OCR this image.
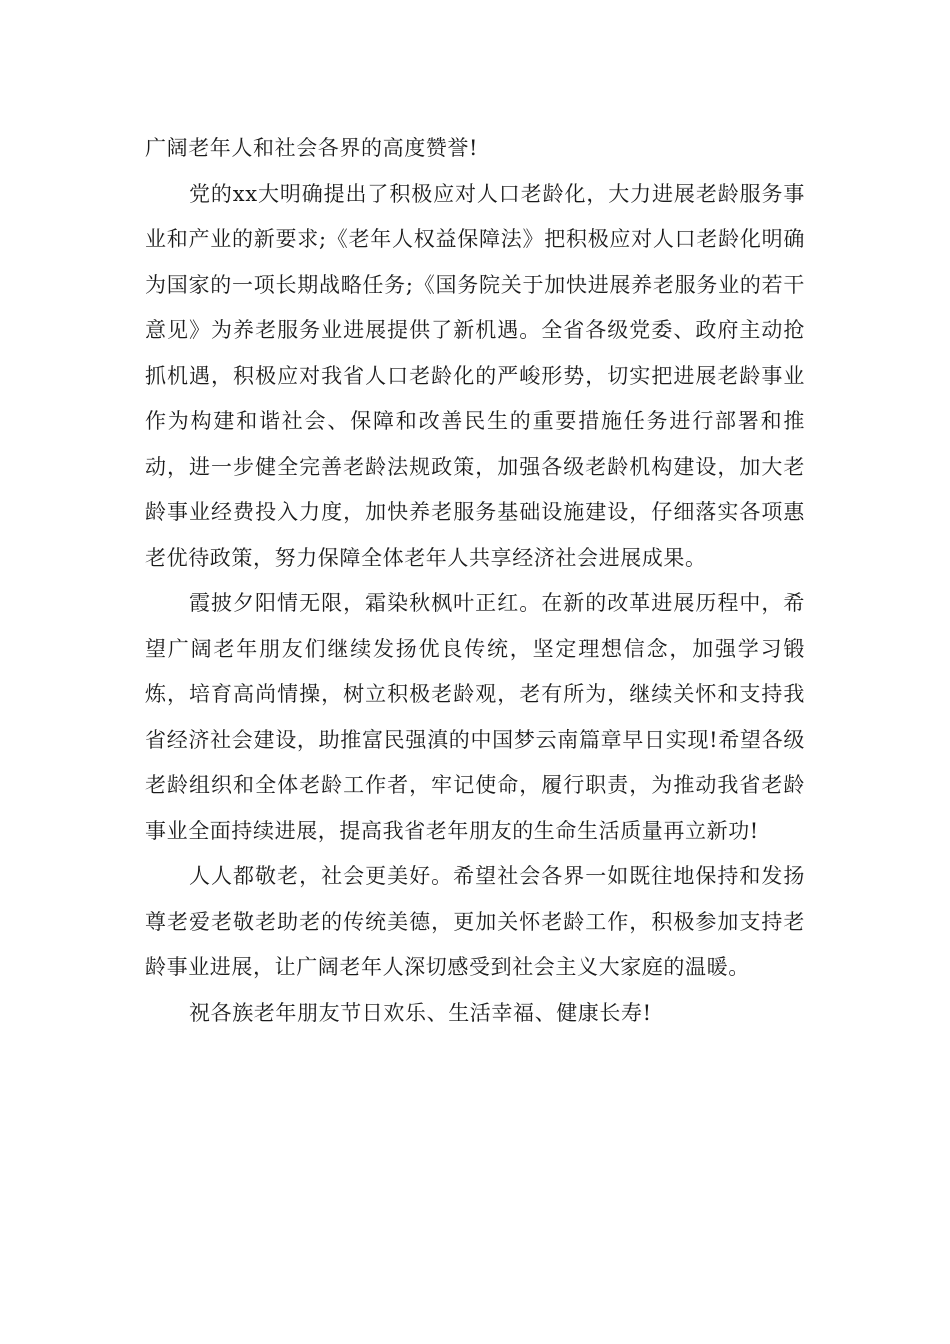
广阔老年人和社会各界的高度赞誉!

党的xx大明确提出了积极应对人口老龄化，大力进展老龄服务事业和产业的新要求;《老年人权益保障法》把积极应对人口老龄化明确为国家的一项长期战略任务;《国务院关于加快进展养老服务业的若干意见》为养老服务业进展提供了新机遇。全省各级党委、政府主动抢抓机遇，积极应对我省人口老龄化的严峻形势，切实把进展老龄事业作为构建和谐社会、保障和改善民生的重要措施任务进行部署和推动，进一步健全完善老龄法规政策，加强各级老龄机构建设，加大老龄事业经费投入力度，加快养老服务基础设施建设，仔细落实各项惠老优待政策，努力保障全体老年人共享经济社会进展成果。

霞披夕阳情无限，霜染秋枫叶正红。在新的改革进展历程中，希望广阔老年朋友们继续发扬优良传统，坚定理想信念，加强学习锻炼，培育高尚情操，树立积极老龄观，老有所为，继续关怀和支持我省经济社会建设，助推富民强滇的中国梦云南篇章早日实现!希望各级老龄组织和全体老龄工作者，牢记使命，履行职责，为推动我省老龄事业全面持续进展，提高我省老年朋友的生命生活质量再立新功!

人人都敬老，社会更美好。希望社会各界一如既往地保持和发扬尊老爱老敬老助老的传统美德，更加关怀老龄工作，积极参加支持老龄事业进展，让广阔老年人深切感受到社会主义大家庭的温暖。

祝各族老年朋友节日欢乐、生活幸福、健康长寿!
